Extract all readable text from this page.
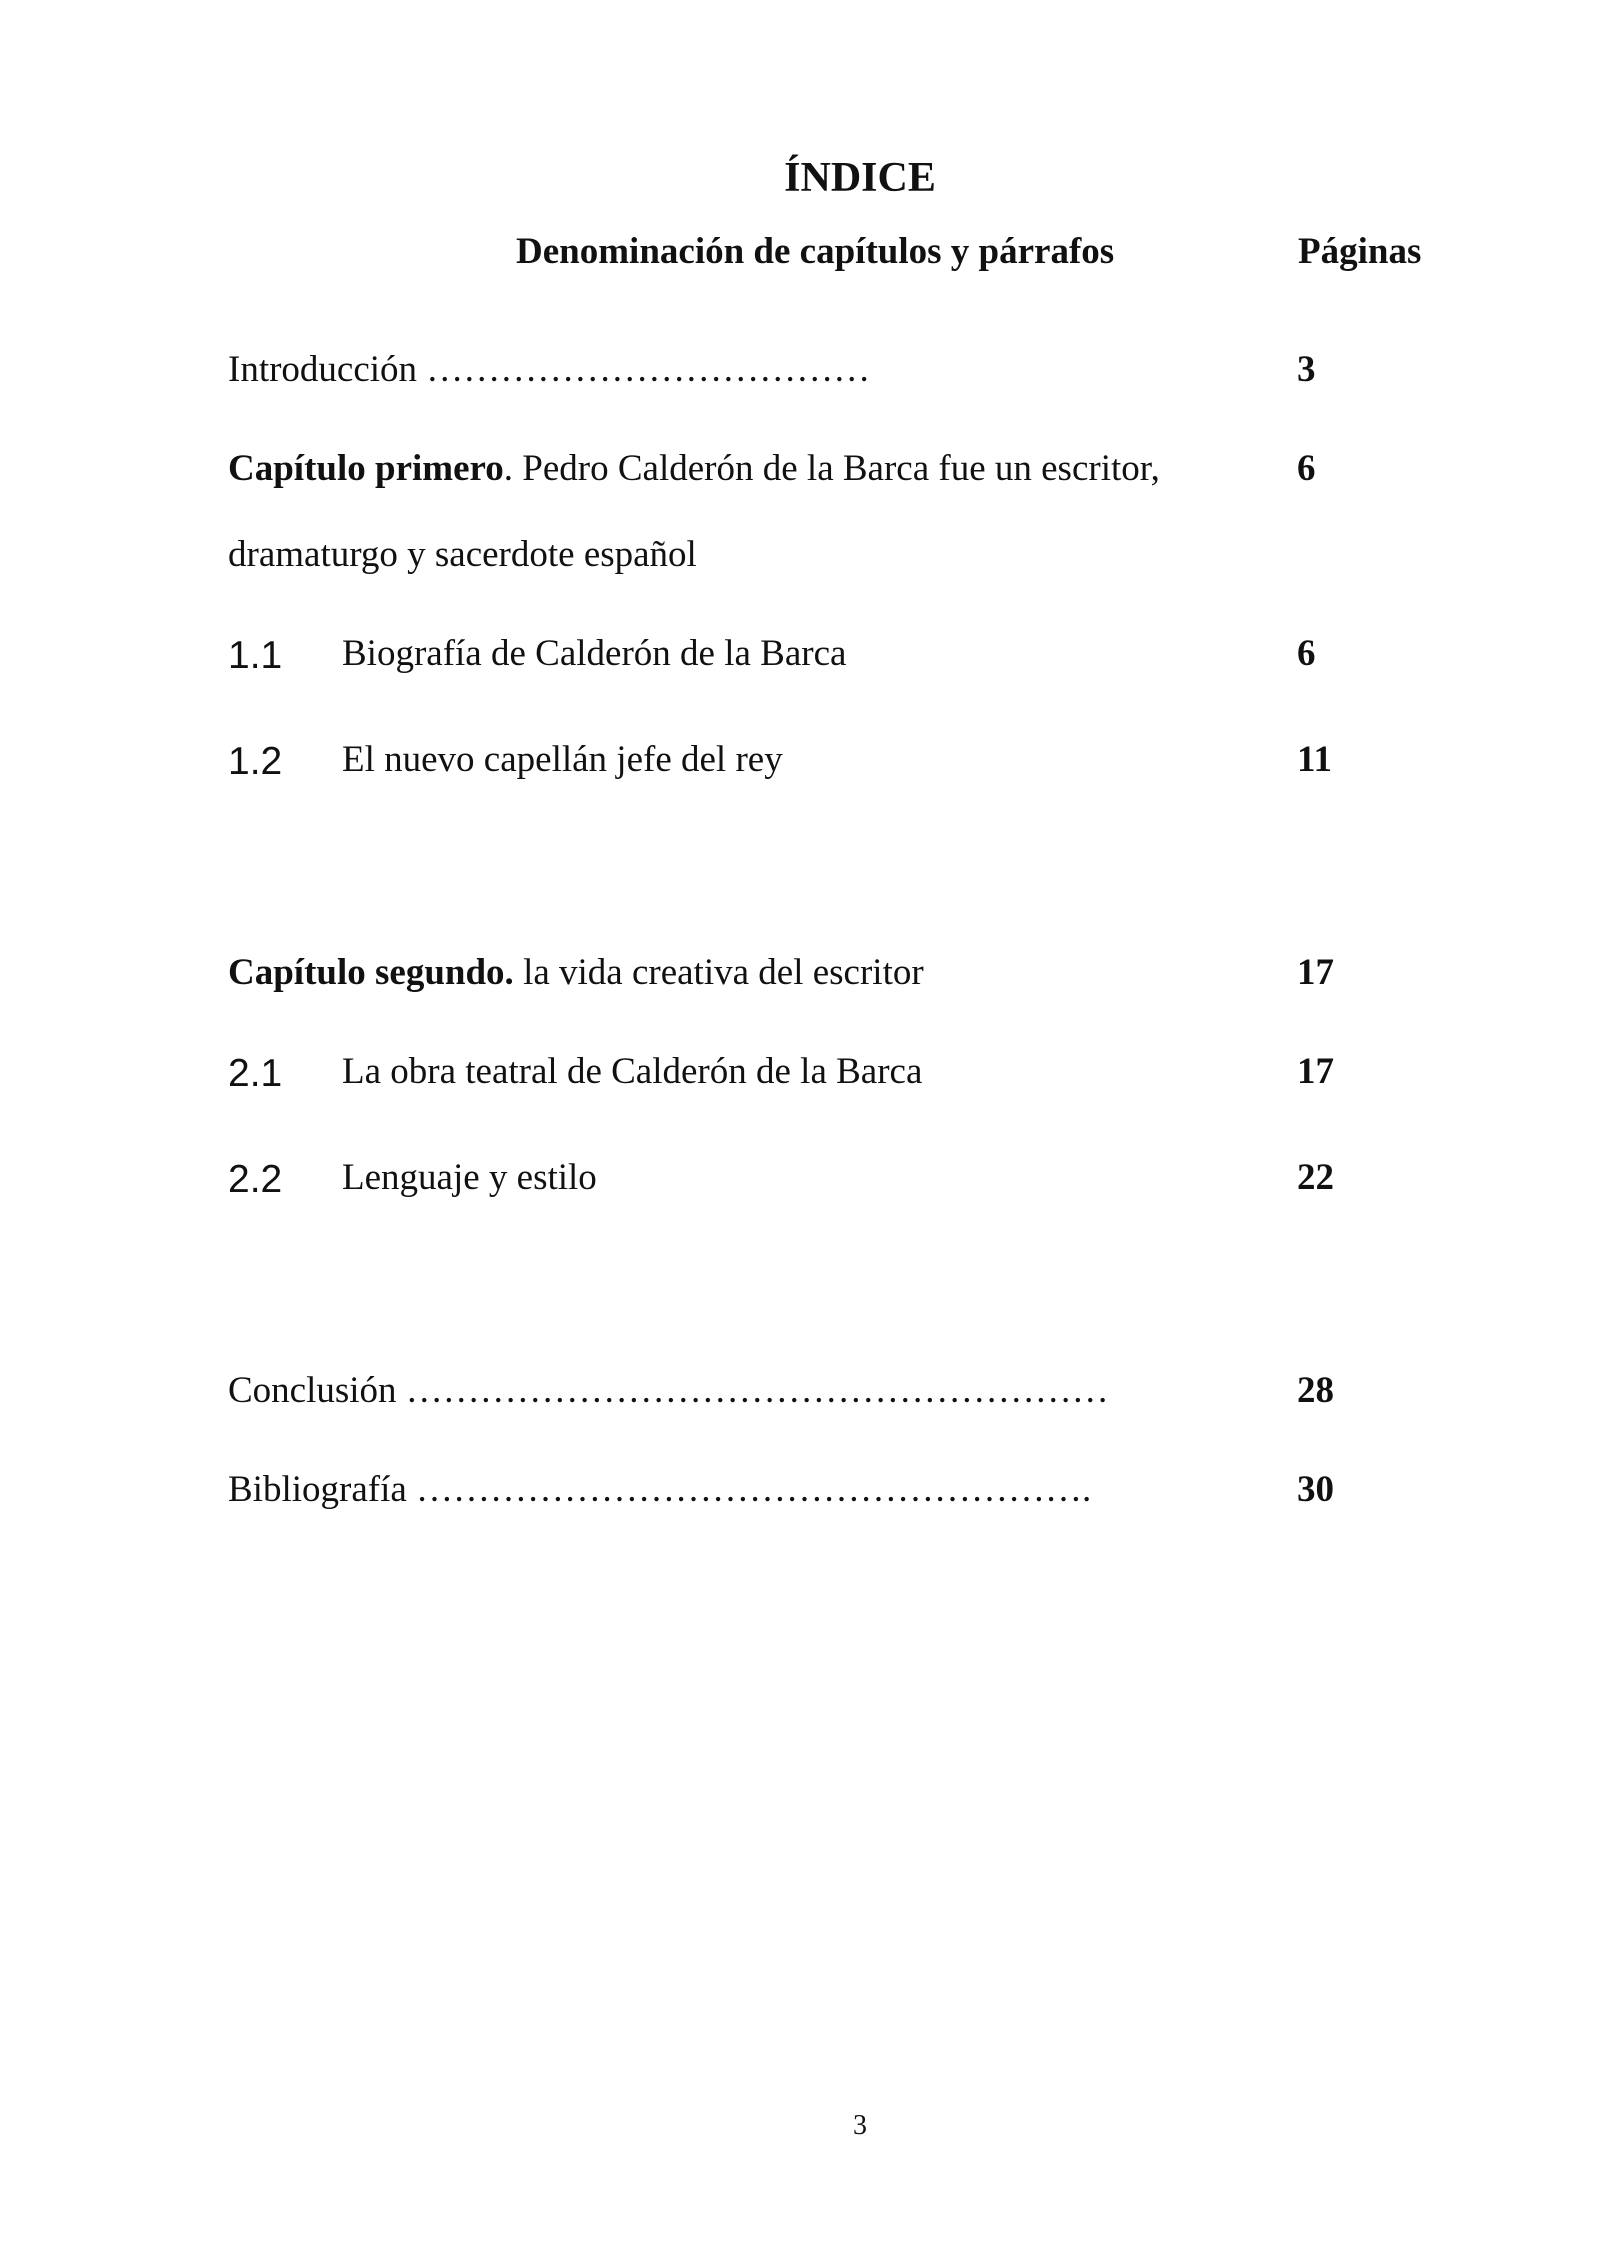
ÍNDICE
Denominación de capítulos y párrafos	Páginas
Introducción ………………………………	3
Capítulo primero. Pedro Calderón de la Barca fue un escritor,	6
dramaturgo y sacerdote español
1.1 Biografía de Calderón de la Barca	6
1.2 El nuevo capellán jefe del rey	11
Capítulo segundo. la vida creativa del escritor	17
2.1 La obra teatral de Calderón de la Barca	17
2.2 Lenguaje y estilo	22
Conclusión …………………………………………………	28
Bibliografía ……………………………………………….	30
3
